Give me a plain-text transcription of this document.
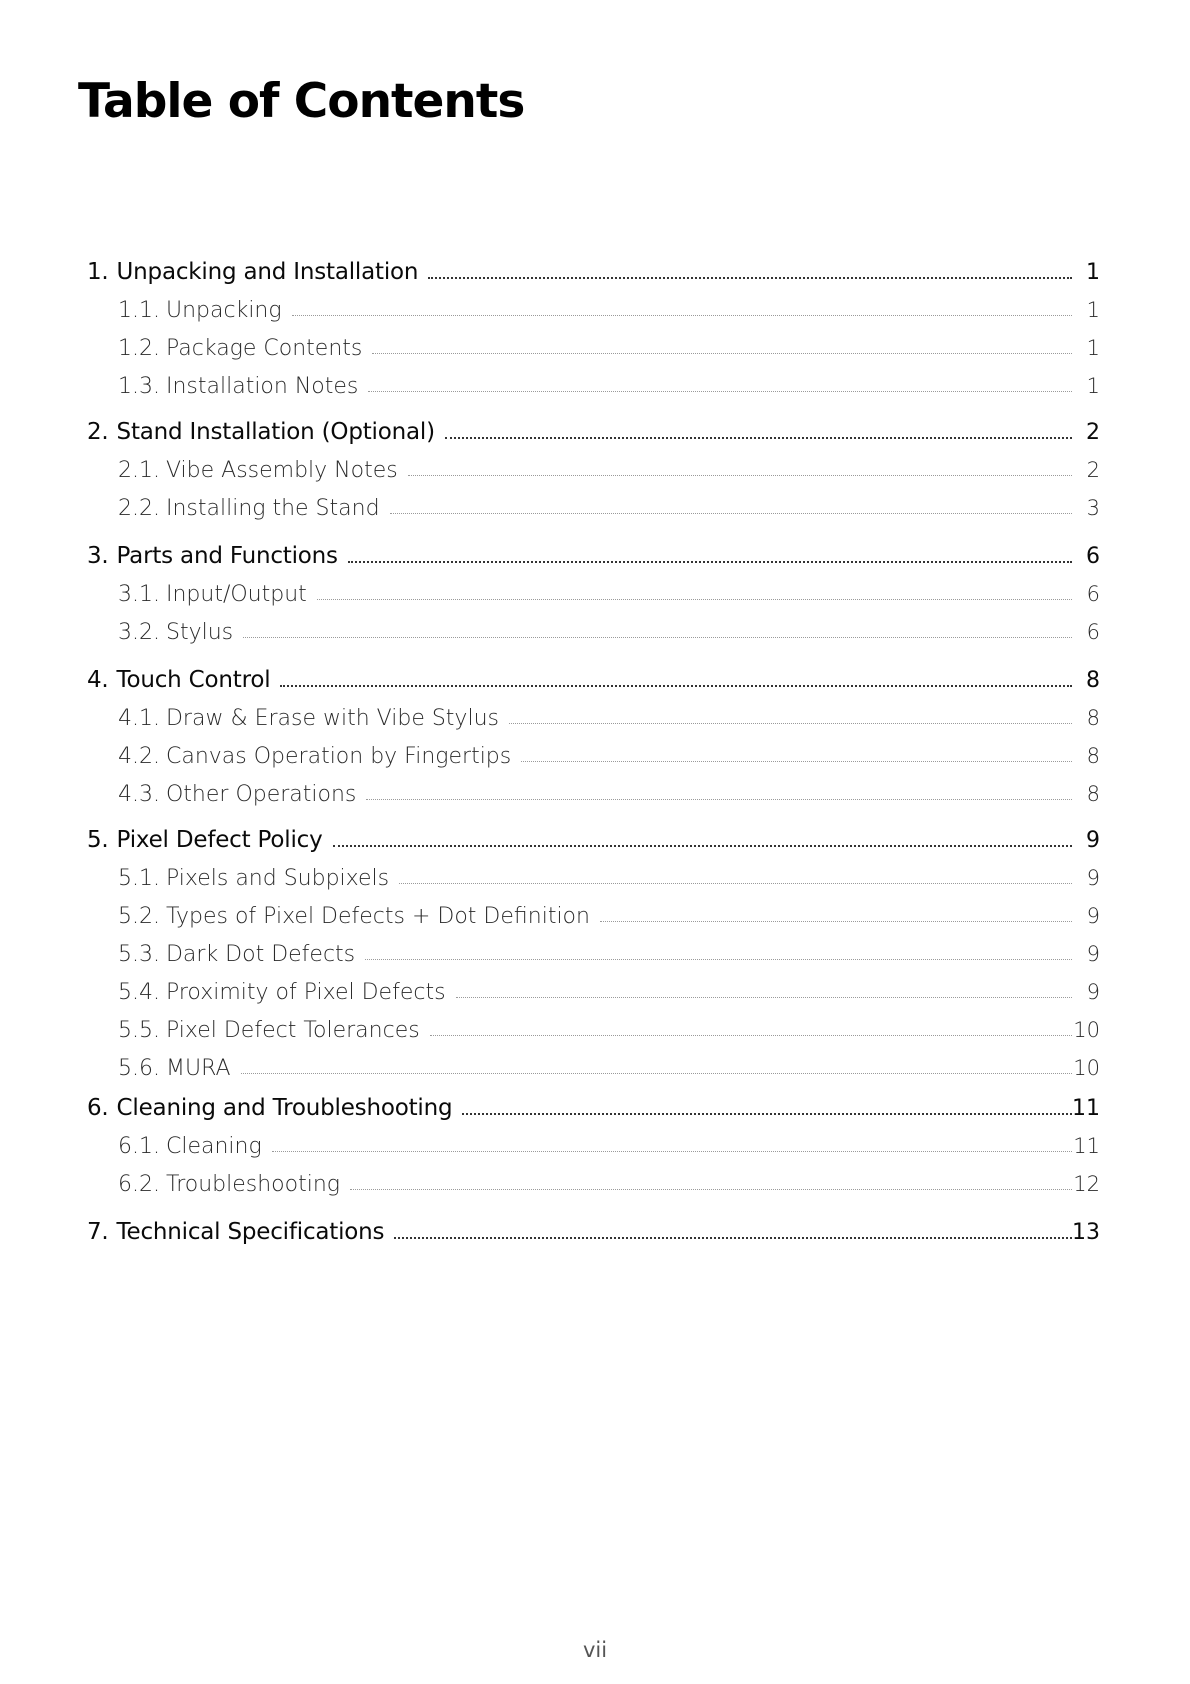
Table of Contents
1. Unpacking and Installation	1
1.1. Unpacking	1
1.2. Package Contents	1
1.3. Installation Notes	1
2. Stand Installation (Optional)	2
2.1. Vibe Assembly Notes	2
2.2. Installing the Stand	3
3. Parts and Functions	6
3.1. Input/Output	6
3.2. Stylus	6
4. Touch Control	8
4.1. Draw & Erase with Vibe Stylus	8
4.2. Canvas Operation by Fingertips	8
4.3. Other Operations	8
5. Pixel Defect Policy	9
5.1. Pixels and Subpixels	9
5.2. Types of Pixel Defects + Dot Definition	9
5.3. Dark Dot Defects	9
5.4. Proximity of Pixel Defects	9
5.5. Pixel Defect Tolerances	10
5.6. MURA	10
6. Cleaning and Troubleshooting	11
6.1. Cleaning	11
6.2. Troubleshooting	12
7. Technical Specifications	13
vii
